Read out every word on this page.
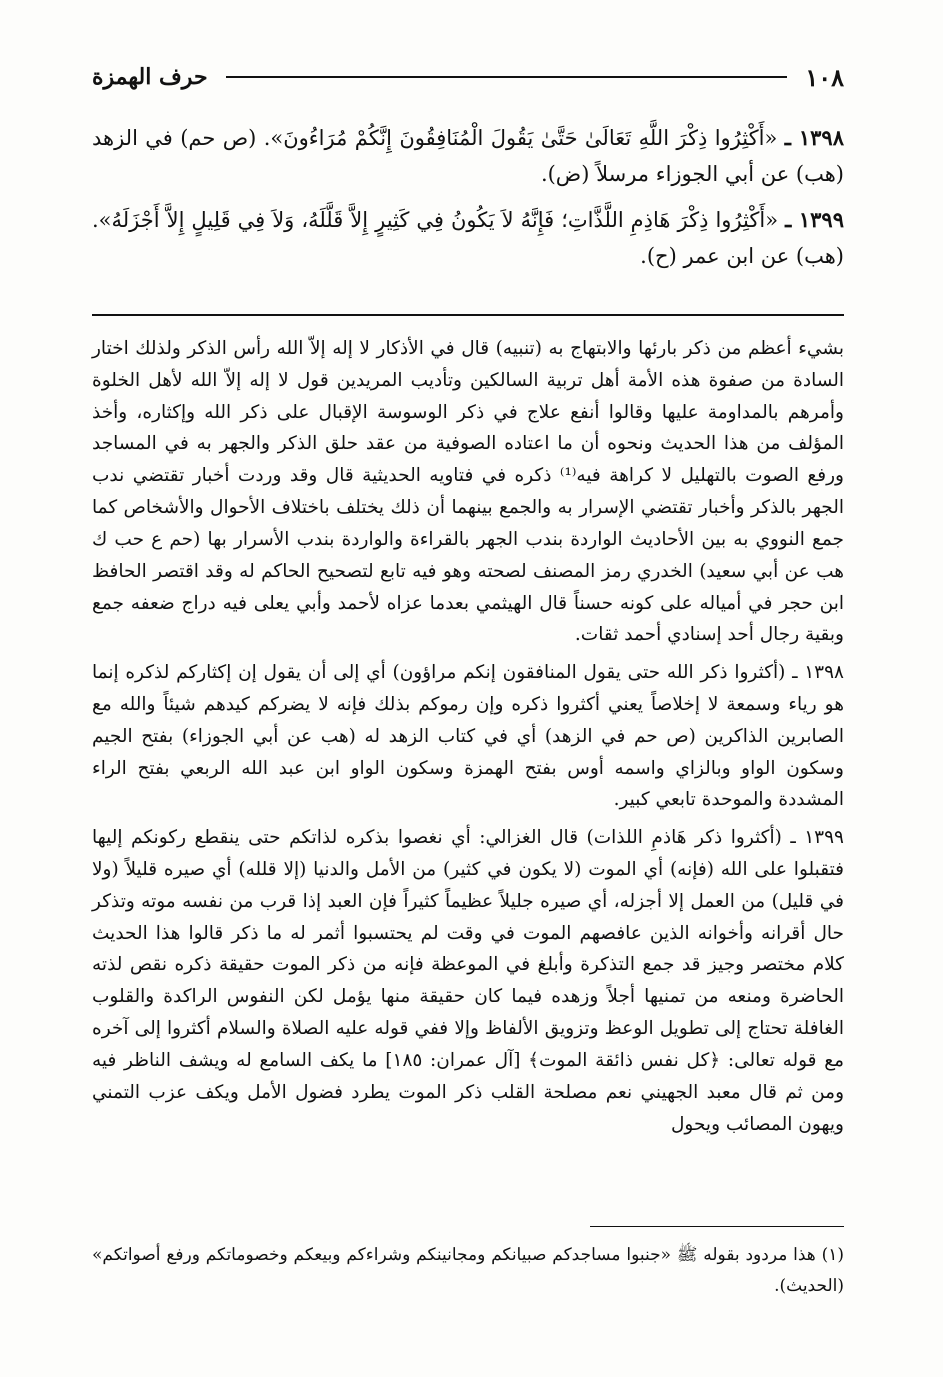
١٠٨
حرف الهمزة

١٣٩٨ ـ «أَكْثِرُوا ذِكْرَ اللَّهِ تَعَالَىٰ حَتَّىٰ يَقُولَ الْمُنَافِقُونَ إِنَّكُمْ مُرَاءُونَ». (ص حم) في الزهد (هب) عن أبي الجوزاء مرسلاً (ض).

١٣٩٩ ـ «أَكْثِرُوا ذِكْرَ هَاذِمِ اللَّذَّاتِ؛ فَإِنَّهُ لاَ يَكُونُ فِي كَثِيرٍ إِلاَّ قَلَّلَهُ، وَلاَ فِي قَلِيلٍ إِلاَّ أَجْزَلَهُ». (هب) عن ابن عمر (ح).

بشيء أعظم من ذكر بارئها والابتهاج به (تنبيه) قال في الأذكار لا إله إلاّ الله رأس الذكر ولذلك اختار السادة من صفوة هذه الأمة أهل تربية السالكين وتأديب المريدين قول لا إله إلاّ الله لأهل الخلوة وأمرهم بالمداومة عليها وقالوا أنفع علاج في ذكر الوسوسة الإقبال على ذكر الله وإكثاره، وأخذ المؤلف من هذا الحديث ونحوه أن ما اعتاده الصوفية من عقد حلق الذكر والجهر به في المساجد ورفع الصوت بالتهليل لا كراهة فيه⁽¹⁾ ذكره في فتاويه الحديثية قال وقد وردت أخبار تقتضي ندب الجهر بالذكر وأخبار تقتضي الإسرار به والجمع بينهما أن ذلك يختلف باختلاف الأحوال والأشخاص كما جمع النووي به بين الأحاديث الواردة بندب الجهر بالقراءة والواردة بندب الأسرار بها (حم ع حب ك هب عن أبي سعيد) الخدري رمز المصنف لصحته وهو فيه تابع لتصحيح الحاكم له وقد اقتصر الحافظ ابن حجر في أمياله على كونه حسناً قال الهيثمي بعدما عزاه لأحمد وأبي يعلى فيه دراج ضعفه جمع وبقية رجال أحد إسنادي أحمد ثقات.

١٣٩٨ ـ (أكثروا ذكر الله حتى يقول المنافقون إنكم مراؤون) أي إلى أن يقول إن إكثاركم لذكره إنما هو رياء وسمعة لا إخلاصاً يعني أكثروا ذكره وإن رموكم بذلك فإنه لا يضركم كيدهم شيئاً والله مع الصابرين الذاكرين (ص حم في الزهد) أي في كتاب الزهد له (هب عن أبي الجوزاء) بفتح الجيم وسكون الواو وبالزاي واسمه أوس بفتح الهمزة وسكون الواو ابن عبد الله الربعي بفتح الراء المشددة والموحدة تابعي كبير.

١٣٩٩ ـ (أكثروا ذكر هَاذمِ اللذات) قال الغزالي: أي نغصوا بذكره لذاتكم حتى ينقطع ركونكم إليها فتقبلوا على الله (فإنه) أي الموت (لا يكون في كثير) من الأمل والدنيا (إلا قلله) أي صيره قليلاً (ولا في قليل) من العمل إلا أجزله، أي صيره جليلاً عظيماً كثيراً فإن العبد إذا قرب من نفسه موته وتذكر حال أقرانه وأخوانه الذين عافصهم الموت في وقت لم يحتسبوا أثمر له ما ذكر قالوا هذا الحديث كلام مختصر وجيز قد جمع التذكرة وأبلغ في الموعظة فإنه من ذكر الموت حقيقة ذكره نقص لذته الحاضرة ومنعه من تمنيها أجلاً وزهده فيما كان حقيقة منها يؤمل لكن النفوس الراكدة والقلوب الغافلة تحتاج إلى تطويل الوعظ وتزويق الألفاظ وإلا ففي قوله عليه الصلاة والسلام أكثروا إلى آخره مع قوله تعالى: ﴿كل نفس ذائقة الموت﴾ [آل عمران: ١٨٥] ما يكف السامع له ويشف الناظر فيه ومن ثم قال معبد الجهيني نعم مصلحة القلب ذكر الموت يطرد فضول الأمل ويكف عزب التمني ويهون المصائب ويحول

(١) هذا مردود بقوله ﷺ «جنبوا مساجدكم صبيانكم ومجانينكم وشراءكم وبيعكم وخصوماتكم ورفع أصواتكم» (الحديث).
